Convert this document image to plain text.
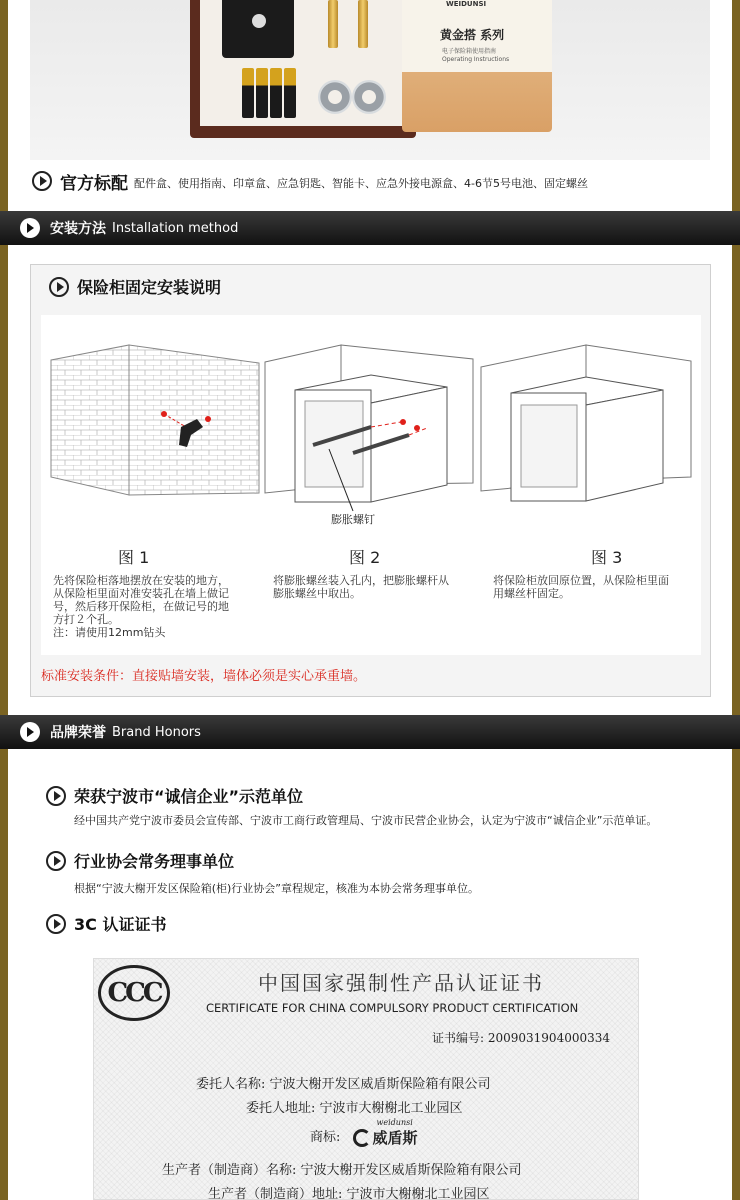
WEIDUNSI
黄金搭 系列
电子保险箱使用指南
Operating Instructions
官方标配 配件盒、使用指南、印章盒、应急钥匙、智能卡、应急外接电源盒、4-6节5号电池、固定螺丝
安装方法 Installation method
保险柜固定安装说明
膨胀螺钉
图 1	图 2	图 3
先将保险柜落地摆放在安装的地方，
从保险柜里面对准安装孔在墙上做记
号，然后移开保险柜，在做记号的地
方打２个孔。
注：请使用12mm钻头
将膨胀螺丝装入孔内，把膨胀螺杆从
膨胀螺丝中取出。
将保险柜放回原位置，从保险柜里面
用螺丝杆固定。
标准安装条件：直接贴墙安装，墙体必须是实心承重墙。
品牌荣誉 Brand Honors
荣获宁波市“诚信企业”示范单位
经中国共产党宁波市委员会宣传部、宁波市工商行政管理局、宁波市民营企业协会，认定为宁波市“诚信企业”示范单证。
行业协会常务理事单位
根据“宁波大榭开发区保险箱(柜)行业协会”章程规定，核准为本协会常务理事单位。
3C 认证证书
CCC	中国国家强制性产品认证证书
CERTIFICATE FOR CHINA COMPULSORY PRODUCT CERTIFICATION
证书编号: 2009031904000334
委托人名称: 宁波大榭开发区威盾斯保险箱有限公司
委托人地址: 宁波市大榭榭北工业园区
商标:
weidunsi
威盾斯
生产者（制造商）名称: 宁波大榭开发区威盾斯保险箱有限公司
生产者（制造商）地址: 宁波市大榭榭北工业园区
